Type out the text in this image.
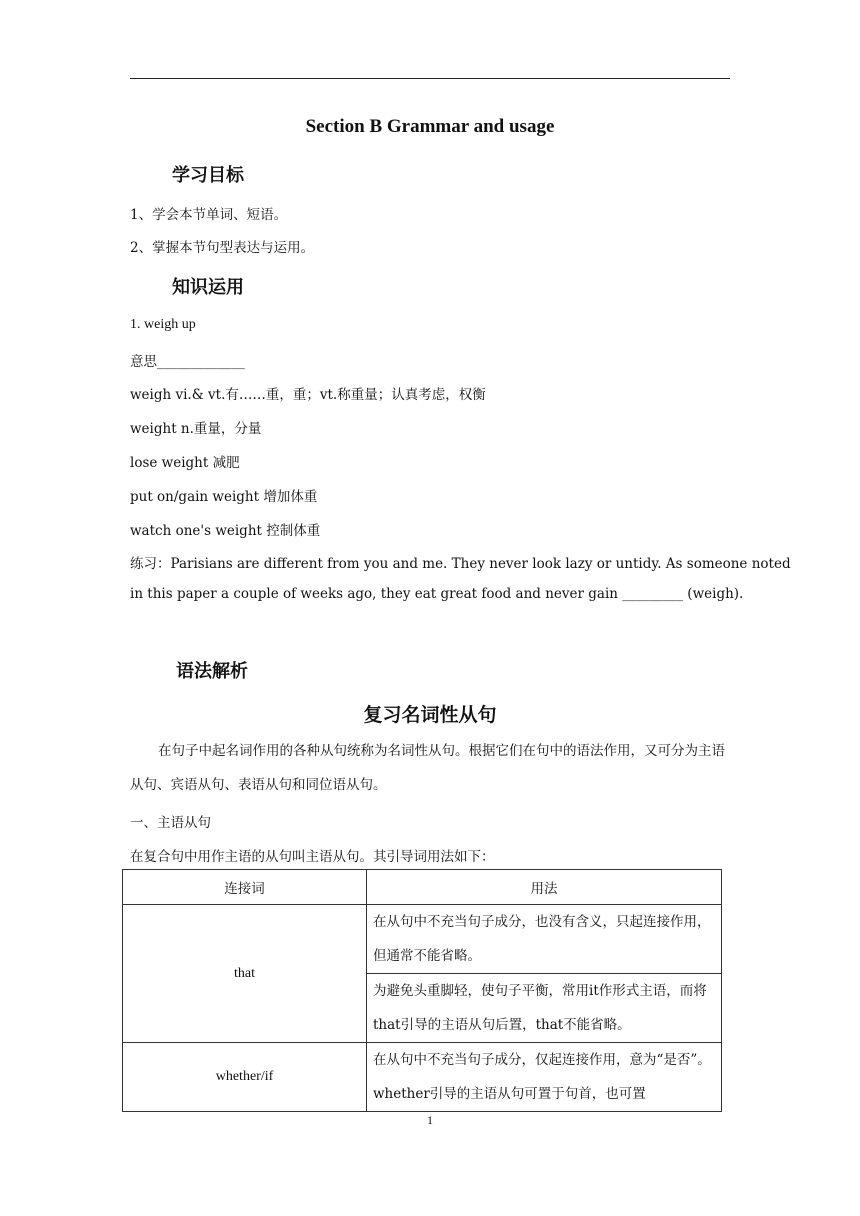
Section B Grammar and usage
学习目标
1、学会本节单词、短语。
2、掌握本节句型表达与运用。
知识运用
1. weigh up
意思_____________
weigh vi.& vt.有……重，重；vt.称重量；认真考虑，权衡
weight n.重量，分量
lose weight 减肥
put on/gain weight 增加体重
watch one's weight 控制体重
练习：Parisians are different from you and me. They never look lazy or untidy. As someone noted
in this paper a couple of weeks ago, they eat great food and never gain _________ (weigh).
语法解析
复习名词性从句
在句子中起名词作用的各种从句统称为名词性从句。根据它们在句中的语法作用，又可分为主语从句、宾语从句、表语从句和同位语从句。
一、主语从句
在复合句中用作主语的从句叫主语从句。其引导词用法如下：
连接词	用法
that	在从句中不充当句子成分，也没有含义，只起连接作用，但通常不能省略。
	为避免头重脚轻，使句子平衡，常用it作形式主语，而将that引导的主语从句后置，that不能省略。
whether/if	在从句中不充当句子成分，仅起连接作用，意为“是否”。whether引导的主语从句可置于句首，也可置
1
